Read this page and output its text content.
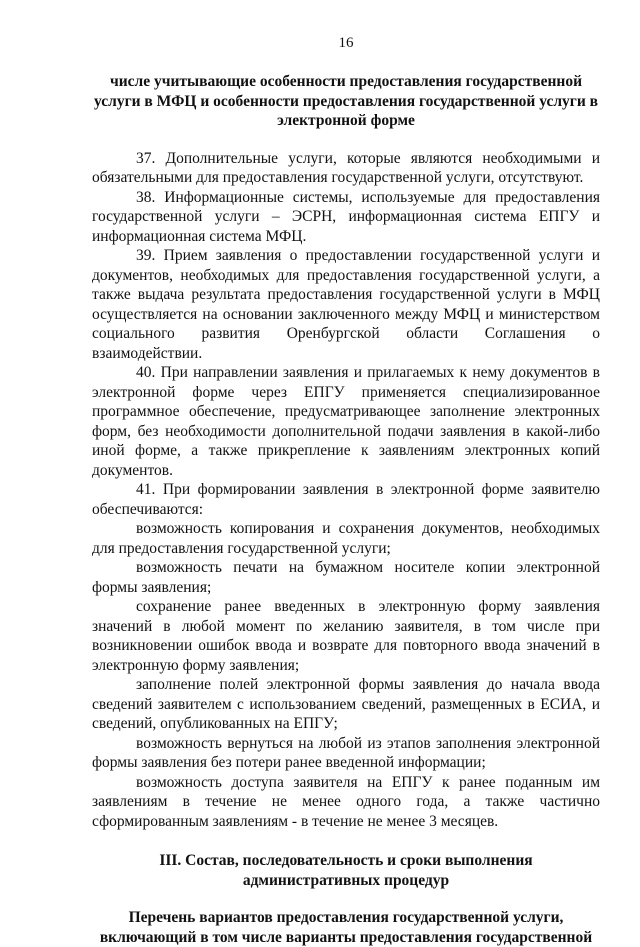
16
числе учитывающие особенности предоставления государственной
услуги в МФЦ и особенности предоставления государственной услуги в
электронной форме

37. Дополнительные услуги, которые являются необходимыми и обязательными для предоставления государственной услуги, отсутствуют.

38. Информационные системы, используемые для предоставления государственной услуги – ЭСРН, информационная система ЕПГУ и информационная система МФЦ.

39. Прием заявления о предоставлении государственной услуги и документов, необходимых для предоставления государственной услуги, а также выдача результата предоставления государственной услуги в МФЦ осуществляется на основании заключенного между МФЦ и министерством социального развития Оренбургской области Соглашения о взаимодействии.

40. При направлении заявления и прилагаемых к нему документов в электронной форме через ЕПГУ применяется специализированное программное обеспечение, предусматривающее заполнение электронных форм, без необходимости дополнительной подачи заявления в какой-либо иной форме, а также прикрепление к заявлениям электронных копий документов.

41. При формировании заявления в электронной форме заявителю обеспечиваются:

возможность копирования и сохранения документов, необходимых для предоставления государственной услуги;

возможность печати на бумажном носителе копии электронной формы заявления;

сохранение ранее введенных в электронную форму заявления значений в любой момент по желанию заявителя, в том числе при возникновении ошибок ввода и возврате для повторного ввода значений в электронную форму заявления;

заполнение полей электронной формы заявления до начала ввода сведений заявителем с использованием сведений, размещенных в ЕСИА, и сведений, опубликованных на ЕПГУ;

возможность вернуться на любой из этапов заполнения электронной формы заявления без потери ранее введенной информации;

возможность доступа заявителя на ЕПГУ к ранее поданным им заявлениям в течение не менее одного года, а также частично сформированным заявлениям - в течение не менее 3 месяцев.

III. Состав, последовательность и сроки выполнения
административных процедур
Перечень вариантов предоставления государственной услуги,
включающий в том числе варианты предоставления государственной
